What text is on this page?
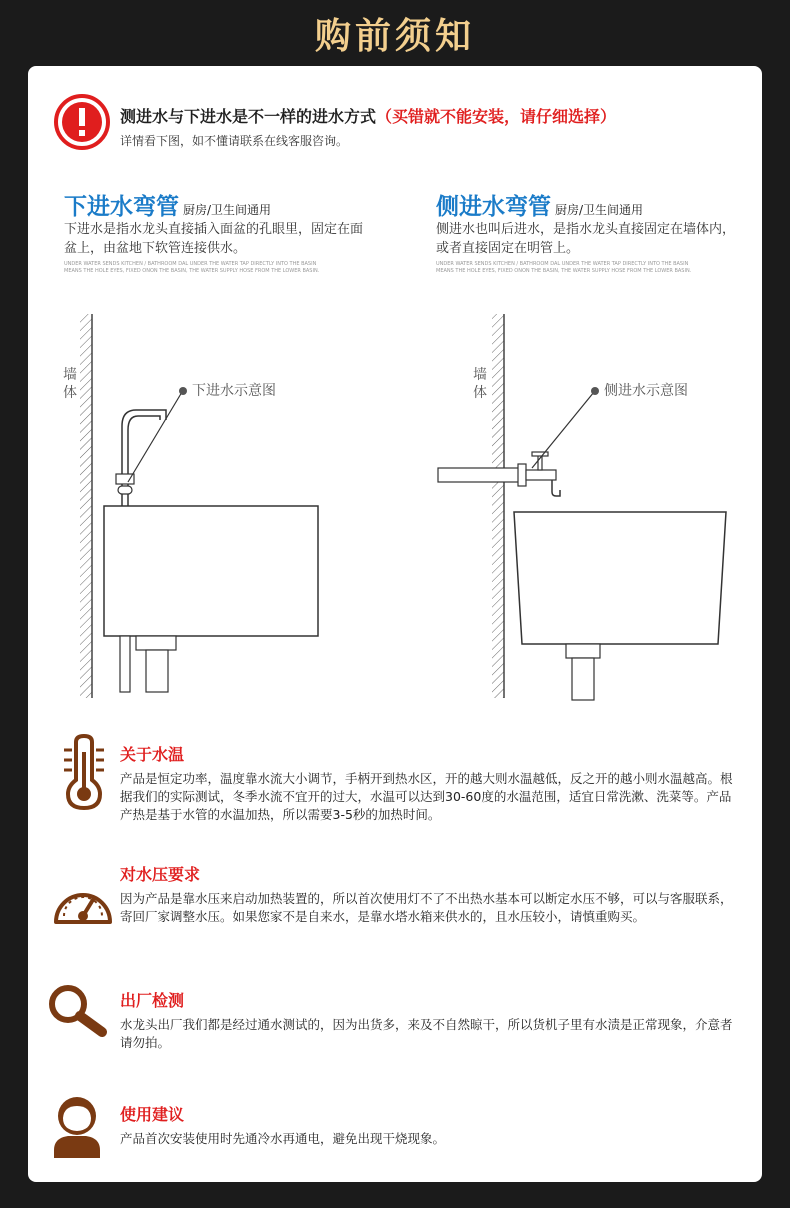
购前须知
测进水与下进水是不一样的进水方式（买错就不能安装，请仔细选择）
详情看下图，如不懂请联系在线客服咨询。
下进水弯管 厨房/卫生间通用
下进水是指水龙头直接插入面盆的孔眼里，固定在面盆上，由盆地下软管连接供水。
UNDER WATER SENDS KITCHEN / BATHROOM DAL UNDER THE WATER TAP DIRECTLY INTO THE BASIN MEANS THE HOLE EYES, FIXED ONON THE BASIN, THE WATER SUPPLY HOSE FROM THE LOWER BASIN.
侧进水弯管 厨房/卫生间通用
侧进水也叫后进水，是指水龙头直接固定在墙体内，或者直接固定在明管上。
UNDER WATER SENDS KITCHEN / BATHROOM DAL UNDER THE WATER TAP DIRECTLY INTO THE BASIN MEANS THE HOLE EYES, FIXED ONON THE BASIN, THE WATER SUPPLY HOSE FROM THE LOWER BASIN.
墙体	下进水示意图
墙体	侧进水示意图
关于水温
产品是恒定功率，温度靠水流大小调节，手柄开到热水区，开的越大则水温越低，反之开的越小则水温越高。根据我们的实际测试，冬季水流不宜开的过大，水温可以达到30-60度的水温范围，适宜日常洗漱、洗菜等。产品产热是基于水管的水温加热，所以需要3-5秒的加热时间。
对水压要求
因为产品是靠水压来启动加热装置的，所以首次使用灯不了不出热水基本可以断定水压不够，可以与客服联系，寄回厂家调整水压。如果您家不是自来水，是靠水塔水箱来供水的，且水压较小，请慎重购买。
出厂检测
水龙头出厂我们都是经过通水测试的，因为出货多，来及不自然晾干，所以货机子里有水渍是正常现象，介意者请勿拍。
使用建议
产品首次安装使用时先通冷水再通电，避免出现干烧现象。
